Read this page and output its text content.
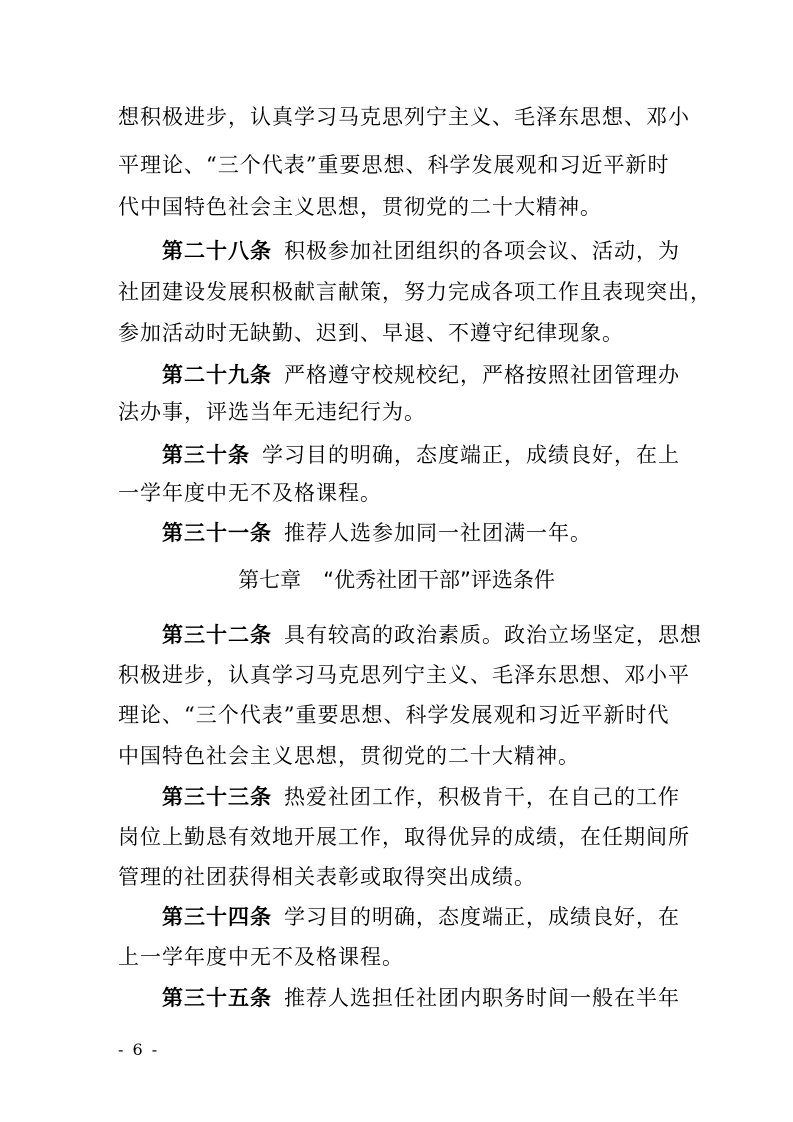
想积极进步，认真学习马克思列宁主义、毛泽东思想、邓小
平理论、“三个代表”重要思想、科学发展观和习近平新时
代中国特色社会主义思想，贯彻党的二十大精神。
第二十八条 积极参加社团组织的各项会议、活动，为
社团建设发展积极献言献策，努力完成各项工作且表现突出，
参加活动时无缺勤、迟到、早退、不遵守纪律现象。
第二十九条 严格遵守校规校纪，严格按照社团管理办
法办事，评选当年无违纪行为。
第三十条 学习目的明确，态度端正，成绩良好，在上
一学年度中无不及格课程。
第三十一条 推荐人选参加同一社团满一年。
第七章 “优秀社团干部”评选条件
第三十二条 具有较高的政治素质。政治立场坚定，思想
积极进步，认真学习马克思列宁主义、毛泽东思想、邓小平
理论、“三个代表”重要思想、科学发展观和习近平新时代
中国特色社会主义思想，贯彻党的二十大精神。
第三十三条 热爱社团工作，积极肯干，在自己的工作
岗位上勤恳有效地开展工作，取得优异的成绩，在任期间所
管理的社团获得相关表彰或取得突出成绩。
第三十四条 学习目的明确，态度端正，成绩良好，在
上一学年度中无不及格课程。
第三十五条 推荐人选担任社团内职务时间一般在半年
- 6 -
